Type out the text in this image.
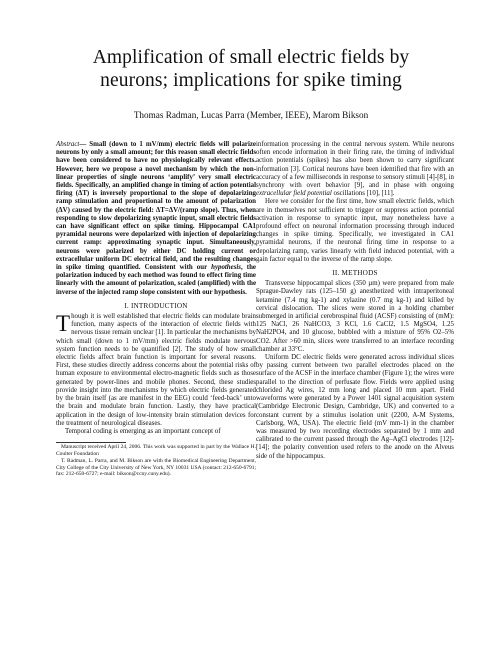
Amplification of small electric fields by
neurons; implications for spike timing
Thomas Radman, Lucas Parra (Member, IEEE), Marom Bikson

Abstract— Small (down to 1 mV/mm) electric fields will polarize neurons by only a small amount; for this reason small electric fields have been considered to have no physiologically relevant effects. However, here we propose a novel mechanism by which the non-linear properties of single neurons ‘amplify’ very small electric fields. Specifically, an amplified change in timing of action potential firing (ΔT) is inversely proportional to the slope of depolarizing ramp stimulation and proportional to the amount of polarization (ΔV) caused by the electric field: ΔT=ΔV/(ramp slope). Thus, when responding to slow depolarizing synaptic input, small electric fields can have significant effect on spike timing. Hippocampal CA1 pyramidal neurons were depolarized with injection of depolarizing current ramp: approximating synaptic input. Simultaneously, neurons were polarized by either DC holding current or extracellular uniform DC electrical field, and the resulting changes in spike timing quantified. Consistent with our hypothesis, the polarization induced by each method was found to effect firing time linearly with the amount of polarization, scaled (amplified) with the inverse of the injected ramp slope consistent with our hypothesis.

I. INTRODUCTION

Though it is well established that electric fields can modulate brain function, many aspects of the interaction of electric fields with nervous tissue remain unclear [1]. In particular the mechanisms by which small (down to 1 mV/mm) electric fields modulate nervous system function needs to be quantified [2]. The study of how small electric fields affect brain function is important for several reasons. First, these studies directly address concerns about the potential risks of human exposure to environmental electro-magnetic fields such as those generated by power-lines and mobile phones. Second, these studies provide insight into the mechanisms by which electric fields generated by the brain itself (as are manifest in the EEG) could ‘feed-back’ unto the brain and modulate brain function. Lastly, they have practical application in the design of low-intensity brain stimulation devices for the treatment of neurological diseases.

Temporal coding is emerging as an important concept of

Manuscript received April 24, 2006. This work was supported in part by the Wallace H. Coulter Foundation

T. Radman, L. Parra, and M. Bikson are with the Biomedical Engineering Department, City College of the City University of New York, NY 10031 USA (contact: 212-650-6791; fax: 212-650-6727; e-mail: bikson@ccny.cuny.edu).

information processing in the central nervous system. While neurons often encode information in their firing rate, the timing of individual action potentials (spikes) has also been shown to carry significant information [3]. Cortical neurons have been identified that fire with an accuracy of a few milliseconds in response to sensory stimuli [4]-[8], in synchrony with overt behavior [9], and in phase with ongoing extracellular field potential oscillations [10], [11].

Here we consider for the first time, how small electric fields, which are in themselves not sufficient to trigger or suppress action potential activation in response to synaptic input, may nonetheless have a profound effect on neuronal information processing through induced changes in spike timing. Specifically, we investigated in CA1 pyramidal neurons, if the neuronal firing time in response to a depolarizing ramp, varies linearly with field induced potential, with a gain factor equal to the inverse of the ramp slope.

II. METHODS

Transverse hippocampal slices (350 µm) were prepared from male Sprague-Dawley rats (125–150 g) anesthetized with intraperitoneal ketamine (7.4 mg kg-1) and xylazine (0.7 mg kg-1) and killed by cervical dislocation. The slices were stored in a holding chamber submerged in artificial cerebrospinal fluid (ACSF) consisting of (mM): 125 NaCl, 26 NaHCO3, 3 KCl, 1.6 CaCl2, 1.5 MgSO4, 1.25 NaH2PO4, and 10 glucose, bubbled with a mixture of 95% O2–5% CO2. After >60 min, slices were transferred to an interface recording chamber at 33°C.

Uniform DC electric fields were generated across individual slices by passing current between two parallel electrodes placed on the surface of the ACSF in the interface chamber (Figure 1); the wires were parallel to the direction of perfusate flow. Fields were applied using chlorided Ag wires, 12 mm long and placed 10 mm apart. Field waveforms were generated by a Power 1401 signal acquisition system (Cambridge Electronic Design, Cambridge, UK) and converted to a constant current by a stimulus isolation unit (2200, A-M Systems, Carlsborg, WA, USA). The electric field (mV mm-1) in the chamber was measured by two recording electrodes separated by 1 mm and calibrated to the current passed through the Ag–AgCl electrodes [12]-[14]; the polarity convention used refers to the anode on the Alveus side of the hippocampus.
